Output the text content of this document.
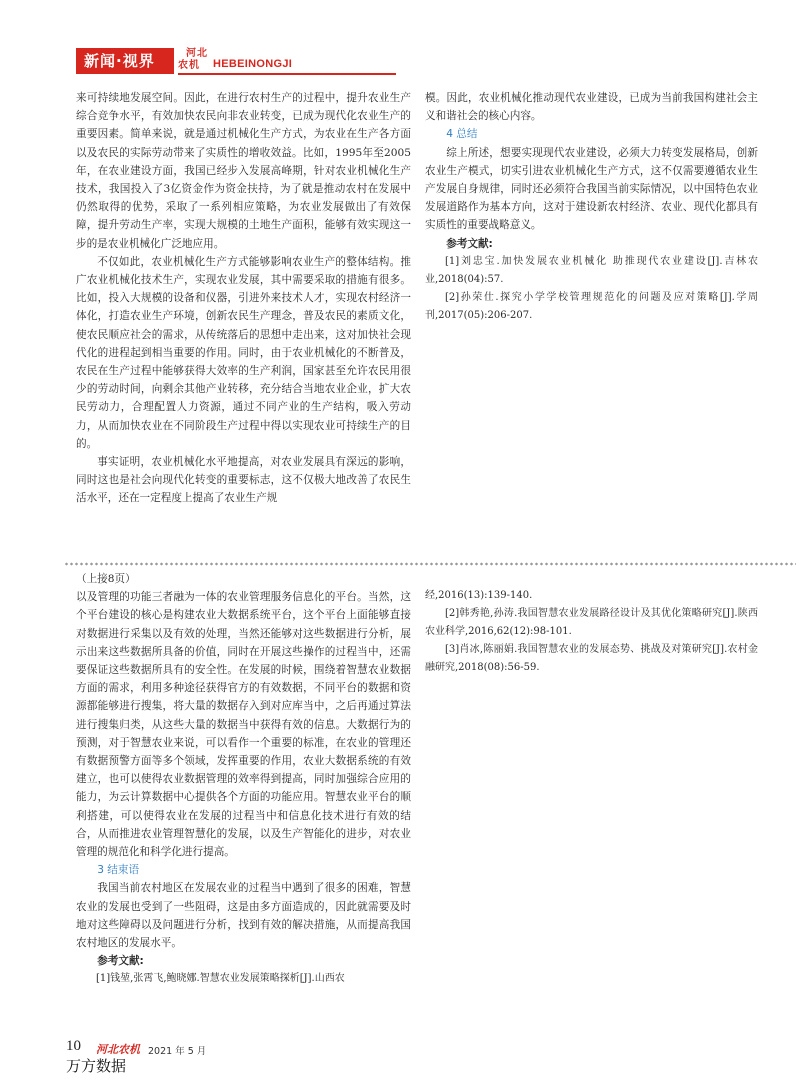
新闻·视界	河北
农机	HEBEINONGJI

来可持续地发展空间。因此，在进行农村生产的过程中，提升农业生产综合竞争水平，有效加快农民向非农业转变，已成为现代化农业生产的重要因素。简单来说，就是通过机械化生产方式，为农业在生产各方面以及农民的实际劳动带来了实质性的增收效益。比如，1995年至2005年，在农业建设方面，我国已经步入发展高峰期，针对农业机械化生产技术，我国投入了3亿资金作为资金扶持，为了就是推动农村在发展中仍然取得的优势，采取了一系列相应策略，为农业发展做出了有效保障，提升劳动生产率，实现大规模的土地生产面积，能够有效实现这一步的是农业机械化广泛地应用。

不仅如此，农业机械化生产方式能够影响农业生产的整体结构。推广农业机械化技术生产，实现农业发展，其中需要采取的措施有很多。比如，投入大规模的设备和仪器，引进外来技术人才，实现农村经济一体化，打造农业生产环境，创新农民生产理念，普及农民的素质文化，使农民顺应社会的需求，从传统落后的思想中走出来，这对加快社会现代化的进程起到相当重要的作用。同时，由于农业机械化的不断普及，农民在生产过程中能够获得大效率的生产利润，国家甚至允许农民用很少的劳动时间，向剩余其他产业转移，充分结合当地农业企业，扩大农民劳动力，合理配置人力资源，通过不同产业的生产结构，吸入劳动力，从而加快农业在不同阶段生产过程中得以实现农业可持续生产的目的。

事实证明，农业机械化水平地提高，对农业发展具有深远的影响，同时这也是社会向现代化转变的重要标志，这不仅极大地改善了农民生活水平，还在一定程度上提高了农业生产规

模。因此，农业机械化推动现代农业建设，已成为当前我国构建社会主义和谐社会的核心内容。

4 总结

综上所述，想要实现现代农业建设，必须大力转变发展格局，创新农业生产模式，切实引进农业机械化生产方式，这不仅需要遵循农业生产发展自身规律，同时还必须符合我国当前实际情况，以中国特色农业发展道路作为基本方向，这对于建设新农村经济、农业、现代化都具有实质性的重要战略意义。

参考文献:

[1]刘忠宝.加快发展农业机械化 助推现代农业建设[J].吉林农业,2018(04):57.

[2]孙荣仕.探究小学学校管理规范化的问题及应对策略[J].学周刊,2017(05):206-207.

（上接8页）

以及管理的功能三者融为一体的农业管理服务信息化的平台。当然，这个平台建设的核心是构建农业大数据系统平台，这个平台上面能够直接对数据进行采集以及有效的处理，当然还能够对这些数据进行分析，展示出来这些数据所具备的价值，同时在开展这些操作的过程当中，还需要保证这些数据所具有的安全性。在发展的时候，围绕着智慧农业数据方面的需求，利用多种途径获得官方的有效数据，不同平台的数据和资源都能够进行搜集，将大量的数据存入到对应库当中，之后再通过算法进行搜集归类，从这些大量的数据当中获得有效的信息。大数据行为的预测，对于智慧农业来说，可以看作一个重要的标准，在农业的管理还有数据预警方面等多个领域，发挥重要的作用，农业大数据系统的有效建立，也可以使得农业数据管理的效率得到提高，同时加强综合应用的能力，为云计算数据中心提供各个方面的功能应用。智慧农业平台的顺利搭建，可以使得农业在发展的过程当中和信息化技术进行有效的结合，从而推进农业管理智慧化的发展，以及生产智能化的进步，对农业管理的规范化和科学化进行提高。

3 结束语

我国当前农村地区在发展农业的过程当中遇到了很多的困难，智慧农业的发展也受到了一些阻碍，这是由多方面造成的，因此就需要及时地对这些障碍以及问题进行分析，找到有效的解决措施，从而提高我国农村地区的发展水平。

参考文献:

[1]钱堃,张霄飞,鲍晓娜.智慧农业发展策略探析[J].山西农

经,2016(13):139-140.

[2]韩秀艳,孙涛.我国智慧农业发展路径设计及其优化策略研究[J].陕西农业科学,2016,62(12):98-101.

[3]肖冰,陈丽娟.我国智慧农业的发展态势、挑战及对策研究[J].农村金融研究,2018(08):56-59.

10 河北农机 2021 年 5 月
万方数据
